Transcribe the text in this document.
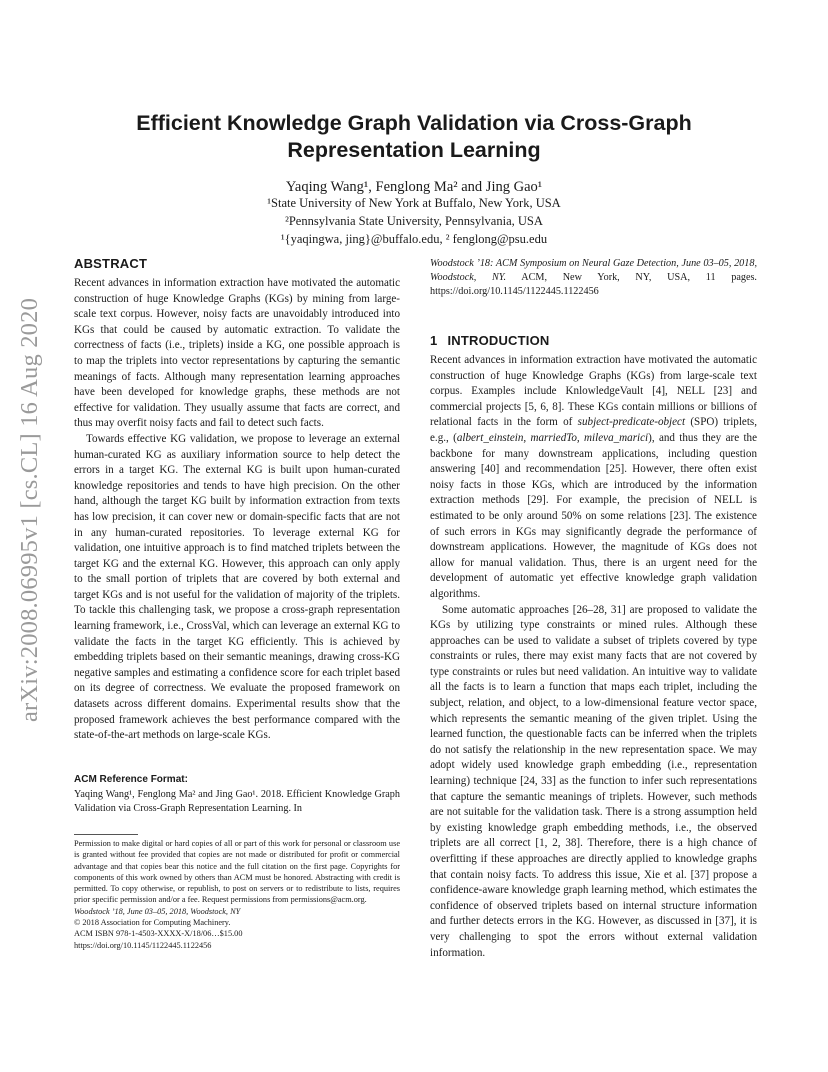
arXiv:2008.06995v1 [cs.CL] 16 Aug 2020
Efficient Knowledge Graph Validation via Cross-Graph
Representation Learning
Yaqing Wang¹, Fenglong Ma² and Jing Gao¹
¹State University of New York at Buffalo, New York, USA
²Pennsylvania State University, Pennsylvania, USA
¹{yaqingwa, jing}@buffalo.edu, ² fenglong@psu.edu
ABSTRACT

Recent advances in information extraction have motivated the automatic construction of huge Knowledge Graphs (KGs) by mining from large-scale text corpus. However, noisy facts are unavoidably introduced into KGs that could be caused by automatic extraction. To validate the correctness of facts (i.e., triplets) inside a KG, one possible approach is to map the triplets into vector representations by capturing the semantic meanings of facts. Although many representation learning approaches have been developed for knowledge graphs, these methods are not effective for validation. They usually assume that facts are correct, and thus may overfit noisy facts and fail to detect such facts.

Towards effective KG validation, we propose to leverage an external human-curated KG as auxiliary information source to help detect the errors in a target KG. The external KG is built upon human-curated knowledge repositories and tends to have high precision. On the other hand, although the target KG built by information extraction from texts has low precision, it can cover new or domain-specific facts that are not in any human-curated repositories. To leverage external KG for validation, one intuitive approach is to find matched triplets between the target KG and the external KG. However, this approach can only apply to the small portion of triplets that are covered by both external and target KGs and is not useful for the validation of majority of the triplets. To tackle this challenging task, we propose a cross-graph representation learning framework, i.e., CrossVal, which can leverage an external KG to validate the facts in the target KG efficiently. This is achieved by embedding triplets based on their semantic meanings, drawing cross-KG negative samples and estimating a confidence score for each triplet based on its degree of correctness. We evaluate the proposed framework on datasets across different domains. Experimental results show that the proposed framework achieves the best performance compared with the state-of-the-art methods on large-scale KGs.

ACM Reference Format:
Yaqing Wang¹, Fenglong Ma² and Jing Gao¹. 2018. Efficient Knowledge Graph Validation via Cross-Graph Representation Learning. In
Permission to make digital or hard copies of all or part of this work for personal or classroom use is granted without fee provided that copies are not made or distributed for profit or commercial advantage and that copies bear this notice and the full citation on the first page. Copyrights for components of this work owned by others than ACM must be honored. Abstracting with credit is permitted. To copy otherwise, or republish, to post on servers or to redistribute to lists, requires prior specific permission and/or a fee. Request permissions from permissions@acm.org.
Woodstock ’18, June 03–05, 2018, Woodstock, NY
© 2018 Association for Computing Machinery.
ACM ISBN 978-1-4503-XXXX-X/18/06…$15.00
https://doi.org/10.1145/1122445.1122456
Woodstock ’18: ACM Symposium on Neural Gaze Detection, June 03–05, 2018, Woodstock, NY. ACM, New York, NY, USA, 11 pages. https://doi.org/10.1145/1122445.1122456
1 INTRODUCTION

Recent advances in information extraction have motivated the automatic construction of huge Knowledge Graphs (KGs) from large-scale text corpus. Examples include KnlowledgeVault [4], NELL [23] and commercial projects [5, 6, 8]. These KGs contain millions or billions of relational facts in the form of subject-predicate-object (SPO) triplets, e.g., (albert_einstein, marriedTo, mileva_marici), and thus they are the backbone for many downstream applications, including question answering [40] and recommendation [25]. However, there often exist noisy facts in those KGs, which are introduced by the information extraction methods [29]. For example, the precision of NELL is estimated to be only around 50% on some relations [23]. The existence of such errors in KGs may significantly degrade the performance of downstream applications. However, the magnitude of KGs does not allow for manual validation. Thus, there is an urgent need for the development of automatic yet effective knowledge graph validation algorithms.

Some automatic approaches [26–28, 31] are proposed to validate the KGs by utilizing type constraints or mined rules. Although these approaches can be used to validate a subset of triplets covered by type constraints or rules, there may exist many facts that are not covered by type constraints or rules but need validation. An intuitive way to validate all the facts is to learn a function that maps each triplet, including the subject, relation, and object, to a low-dimensional feature vector space, which represents the semantic meaning of the given triplet. Using the learned function, the questionable facts can be inferred when the triplets do not satisfy the relationship in the new representation space. We may adopt widely used knowledge graph embedding (i.e., representation learning) technique [24, 33] as the function to infer such representations that capture the semantic meanings of triplets. However, such methods are not suitable for the validation task. There is a strong assumption held by existing knowledge graph embedding methods, i.e., the observed triplets are all correct [1, 2, 38]. Therefore, there is a high chance of overfitting if these approaches are directly applied to knowledge graphs that contain noisy facts. To address this issue, Xie et al. [37] propose a confidence-aware knowledge graph learning method, which estimates the confidence of observed triplets based on internal structure information and further detects errors in the KG. However, as discussed in [37], it is very challenging to spot the errors without external validation information.
